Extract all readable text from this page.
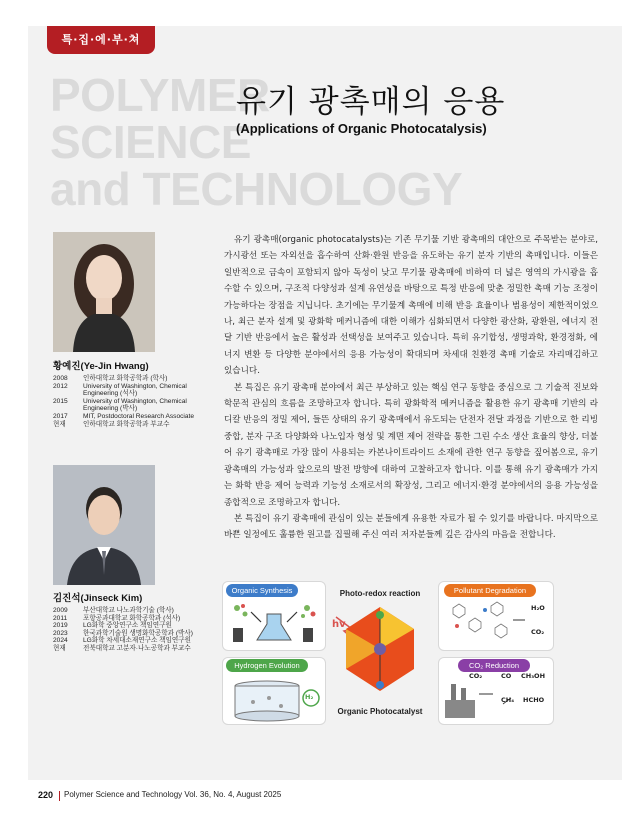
특·집·에·부·쳐
POLYMER
SCIENCE
and TECHNOLOGY
유기 광촉매의 응용
(Applications of Organic Photocatalysis)
황예진(Ye-Jin Hwang)
2008	인하대학교 화학공학과 (학사)
2012	University of Washington, Chemical Engineering (석사)
2015	University of Washington, Chemical Engineering (박사)
2017	MIT, Postdoctoral Research Associate
현재	인하대학교 화학공학과 부교수
김진석(Jinseck Kim)
2009	부산대학교 나노과학기술 (학사)
2011	포항공과대학교 화학공학과 (석사)
2019	LG화학 중앙연구소 책임연구원
2023	한국과학기술원 생명화학공학과 (박사)
2024	LG화학 차세대소재연구소 책임연구원
현재	전북대학교 고분자·나노공학과 부교수

유기 광촉매(organic photocatalysts)는 기존 무기물 기반 광촉매의 대안으로 주목받는 분야로, 가시광선 또는 자외선을 흡수하여 산화·환원 반응을 유도하는 유기 분자 기반의 촉매입니다. 이들은 일반적으로 금속이 포함되지 않아 독성이 낮고 무기물 광촉매에 비하여 더 넓은 영역의 가시광을 흡수할 수 있으며, 구조적 다양성과 설계 유연성을 바탕으로 특정 반응에 맞춘 정밀한 촉매 기능 조정이 가능하다는 장점을 지닙니다. 초기에는 무기물계 촉매에 비해 반응 효율이나 범용성이 제한적이었으나, 최근 분자 설계 및 광화학 메커니즘에 대한 이해가 심화되면서 다양한 광산화, 광환원, 에너지 전달 기반 반응에서 높은 활성과 선택성을 보여주고 있습니다. 특히 유기합성, 생명과학, 환경정화, 에너지 변환 등 다양한 분야에서의 응용 가능성이 확대되며 차세대 친환경 촉매 기술로 자리매김하고 있습니다.

본 특집은 유기 광촉매 분야에서 최근 부상하고 있는 핵심 연구 동향을 중심으로 그 기술적 진보와 학문적 관심의 흐름을 조망하고자 합니다. 특히 광화학적 메커니즘을 활용한 유기 광촉매 기반의 라디칼 반응의 정밀 제어, 들뜬 상태의 유기 광촉매에서 유도되는 단전자 전달 과정을 기반으로 한 리빙 중합, 분자 구조 다양화와 나노입자 형성 및 계면 제어 전략을 통한 그린 수소 생산 효율의 향상, 더불어 유기 광촉매로 가장 많이 사용되는 카본나이트라이드 소재에 관한 연구 동향을 짚어봄으로, 유기 광촉매의 가능성과 앞으로의 발전 방향에 대하여 고찰하고자 합니다. 이를 통해 유기 광촉매가 가지는 화학 반응 제어 능력과 기능성 소재로서의 확장성, 그리고 에너지·환경 분야에서의 응용 가능성을 종합적으로 조명하고자 합니다.

본 특집이 유기 광촉매에 관심이 있는 분들에게 유용한 자료가 될 수 있기를 바랍니다. 마지막으로 바쁜 일정에도 훌륭한 원고를 집필해 주신 여러 저자분들께 깊은 감사의 마음을 전합니다.

Organic Synthesis
H₂
Hydrogen Evolution
Photo-redox reaction
hv
Organic Photocatalyst
H₂O
CO₂
Pollutant Degradation
CO₂	CO CH₃OH
CH₄ HCHO
CO₂ Reduction
220 Polymer Science and Technology Vol. 36, No. 4, August 2025
